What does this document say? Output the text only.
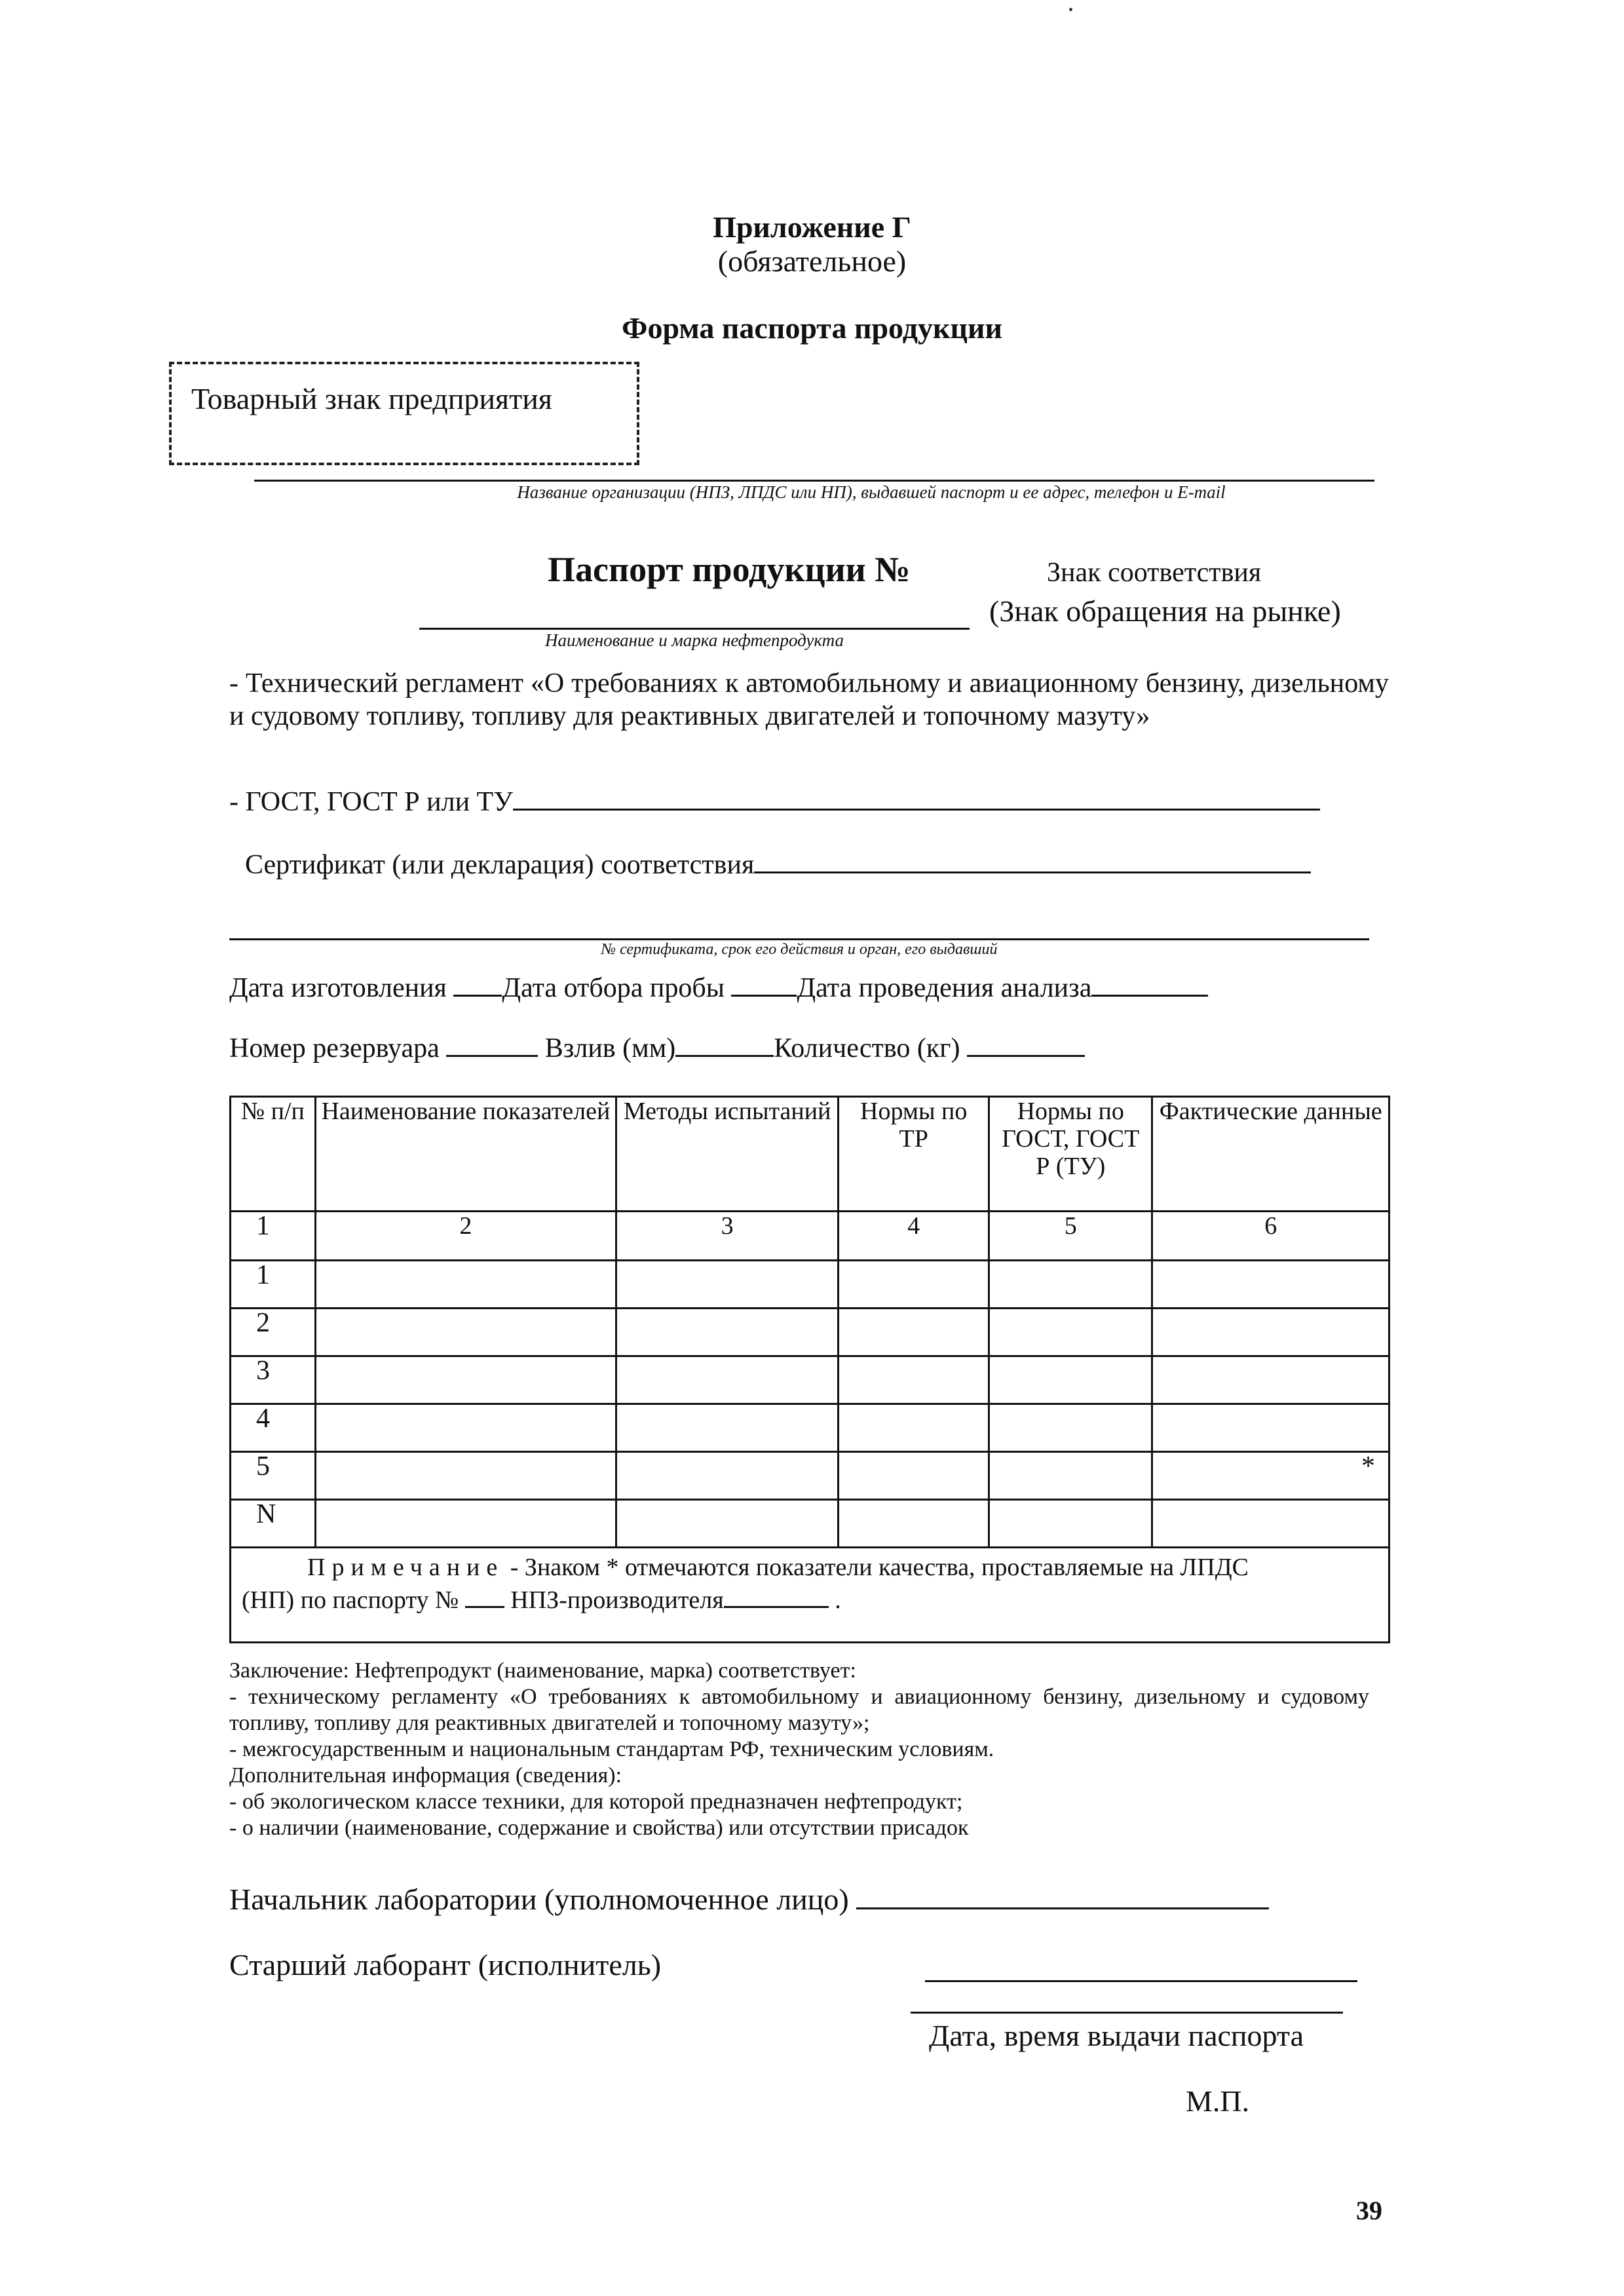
Приложение Г
(обязательное)
Форма паспорта продукции
Товарный знак предприятия
Название организации (НПЗ, ЛПДС или НП), выдавшей паспорт и ее адрес, телефон и E-mail
Паспорт продукции №	Знак соответствия
(Знак обращения на рынке)
Наименование и марка нефтепродукта
- Технический регламент «О требованиях к автомобильному и авиационному бензину, дизельному и судовому топливу, топливу для реактивных двигателей и топочному мазуту»
- ГОСТ, ГОСТ Р или ТУ
Сертификат (или декларация) соответствия
№ сертификата, срок его действия и орган, его выдавший
Дата изготовления Дата отбора пробы	Дата проведения анализа
Номер резервуара	Взлив (мм)	Количество (кг)
№ п/п	Наименование показателей	Методы испытаний	Нормы по ТР	Нормы по ГОСТ, ГОСТ Р (ТУ)	Фактические данные
1	2	3	4	5	6
1					
2					
3					
4					
5					*
N					
Примечание - Знаком * отмечаются показатели качества, проставляемые на ЛПДС
(НП) по паспорту № НПЗ-производителя .					
Заключение: Нефтепродукт (наименование, марка) соответствует:
- техническому регламенту «О требованиях к автомобильному и авиационному бензину, дизельному и судовому топливу, топливу для реактивных двигателей и топочному мазуту»;
- межгосударственным и национальным стандартам РФ, техническим условиям.
Дополнительная информация (сведения):
- об экологическом классе техники, для которой предназначен нефтепродукт;
- о наличии (наименование, содержание и свойства) или отсутствии присадок
Начальник лаборатории (уполномоченное лицо)
Старший лаборант (исполнитель)
Дата, время выдачи паспорта
М.П.
39
